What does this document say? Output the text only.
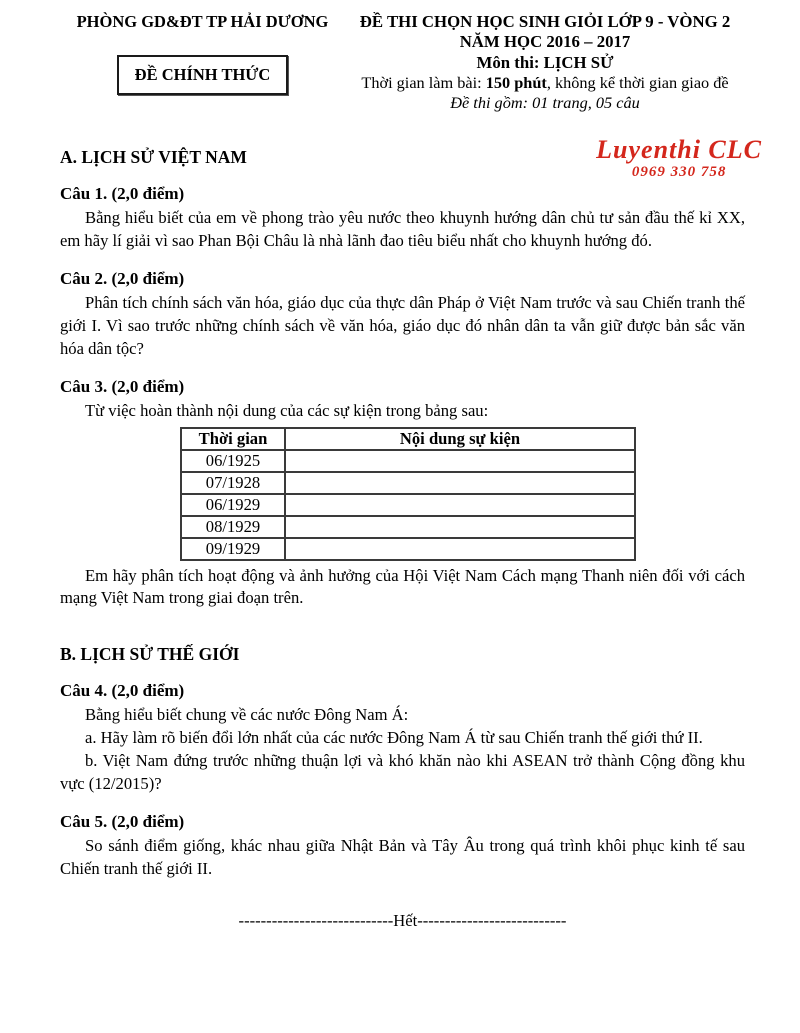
PHÒNG GD&ĐT TP HẢI DƯƠNG
ĐỀ CHÍNH THỨC
ĐỀ THI CHỌN HỌC SINH GIỎI LỚP 9 - VÒNG 2
NĂM HỌC 2016 – 2017
Môn thi: LỊCH SỬ
Thời gian làm bài: 150 phút, không kể thời gian giao đề
Đề thi gồm: 01 trang, 05 câu
Luyenthi CLC
0969 330 758
A. LỊCH SỬ VIỆT NAM
Câu 1. (2,0 điểm)

Bằng hiểu biết của em về phong trào yêu nước theo khuynh hướng dân chủ tư sản đầu thế kỉ XX, em hãy lí giải vì sao Phan Bội Châu là nhà lãnh đao tiêu biểu nhất cho khuynh hướng đó.

Câu 2. (2,0 điểm)

Phân tích chính sách văn hóa, giáo dục của thực dân Pháp ở Việt Nam trước và sau Chiến tranh thế giới I. Vì sao trước những chính sách về văn hóa, giáo dục đó nhân dân ta vẫn giữ được bản sắc văn hóa dân tộc?

Câu 3. (2,0 điểm)

Từ việc hoàn thành nội dung của các sự kiện trong bảng sau:

Thời gian	Nội dung sự kiện
06/1925	
07/1928	
06/1929	
08/1929	
09/1929	

Em hãy phân tích hoạt động và ảnh hưởng của Hội Việt Nam Cách mạng Thanh niên đối với cách mạng Việt Nam trong giai đoạn trên.

B. LỊCH SỬ THẾ GIỚI
Câu 4. (2,0 điểm)

Bằng hiểu biết chung về các nước Đông Nam Á:

a. Hãy làm rõ biến đổi lớn nhất của các nước Đông Nam Á từ sau Chiến tranh thế giới thứ II.

b. Việt Nam đứng trước những thuận lợi và khó khăn nào khi ASEAN trở thành Cộng đồng khu vực (12/2015)?

Câu 5. (2,0 điểm)

So sánh điểm giống, khác nhau giữa Nhật Bản và Tây Âu trong quá trình khôi phục kinh tế sau Chiến tranh thế giới II.

----------------------------Hết---------------------------
